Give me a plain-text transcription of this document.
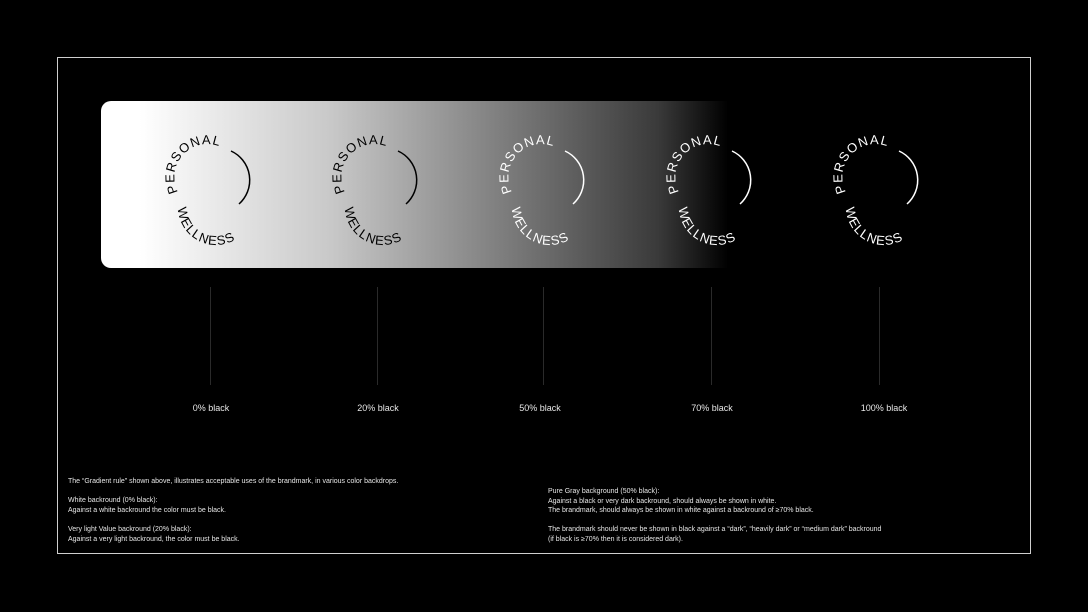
PERSONAL
WELLNESS
PERSONAL
WELLNESS
PERSONAL
WELLNESS
PERSONAL
WELLNESS
PERSONAL
WELLNESS
0% black	20% black	50% black	70% black	100% black

The “Gradient rule” shown above, illustrates acceptable uses of the brandmark, in various color backdrops.

White backround (0% black):

Against a white backround the color must be black.

Very light Value backround (20% black):

Against a very light backround, the color must be black.

Pure Gray background (50% black):

Against a black or very dark backround, should always be shown in white.

The brandmark, should always be shown in white against a backround of ≥70% black.

The brandmark should never be shown in black against a “dark”, “heavily dark” or “medium dark” backround

(if black is ≥70% then it is considered dark).
